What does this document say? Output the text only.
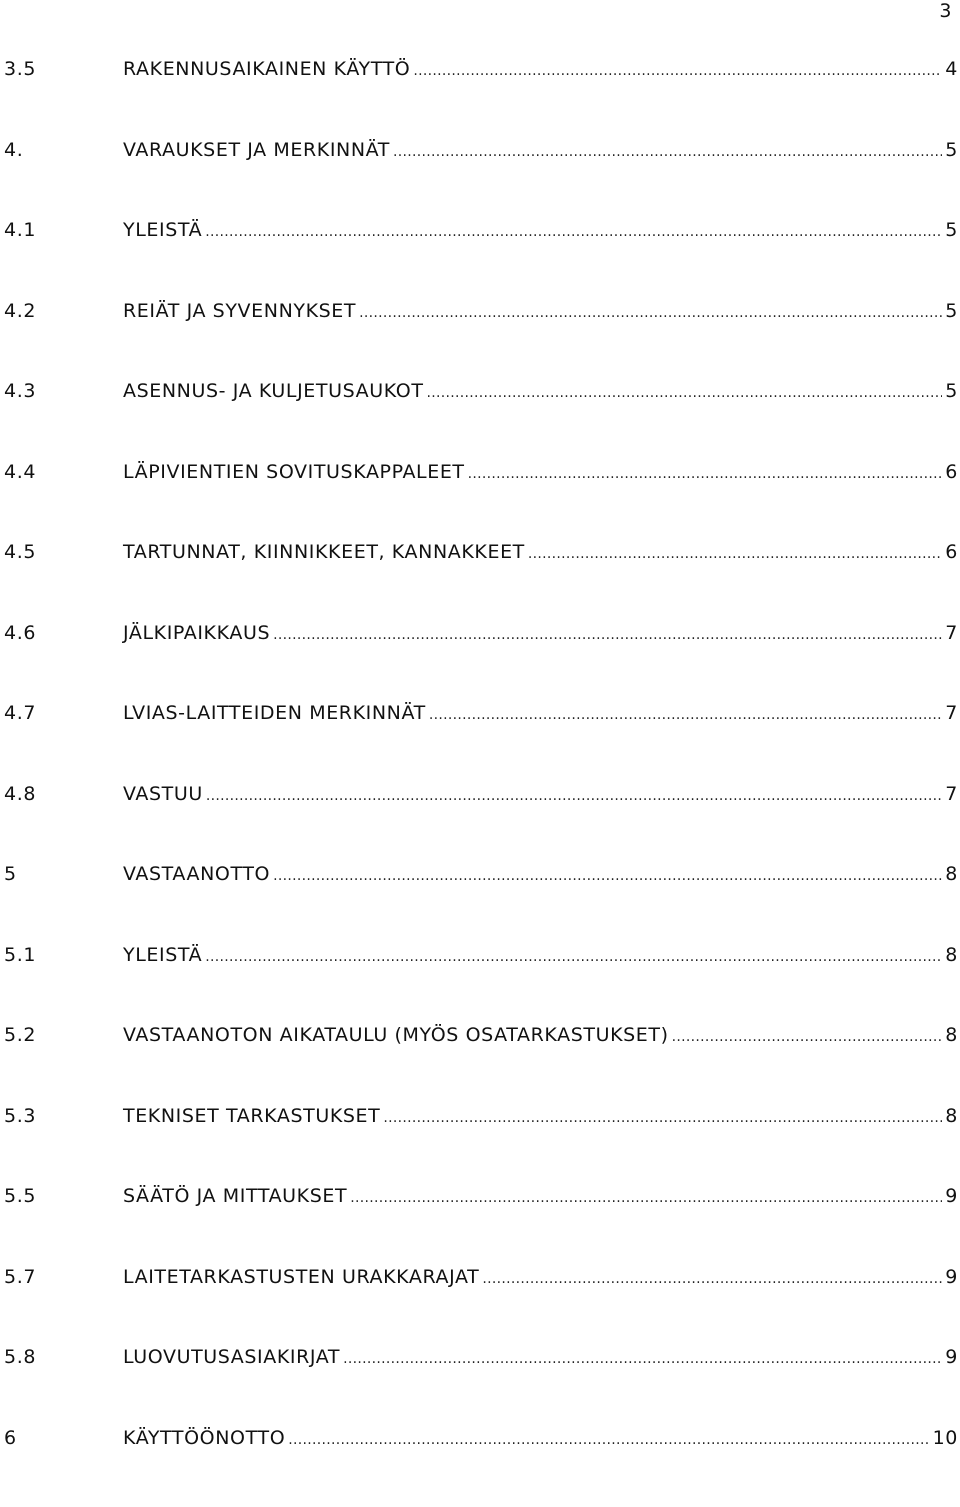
3
3.5	RAKENNUSAIKAINEN KÄYTTÖ .....	4
4.	VARAUKSET JA MERKINNÄT .....	5
4.1	YLEISTÄ .....	5
4.2	REIÄT JA SYVENNYKSET .....	5
4.3	ASENNUS- JA KULJETUSAUKOT .....	5
4.4	LÄPIVIENTIEN SOVITUSKAPPALEET .....	6
4.5	TARTUNNAT, KIINNIKKEET, KANNAKKEET .....	6
4.6	JÄLKIPAIKKAUS .....	7
4.7	LVIAS-LAITTEIDEN MERKINNÄT .....	7
4.8	VASTUU .....	7
5	VASTAANOTTO .....	8
5.1	YLEISTÄ .....	8
5.2	VASTAANOTON AIKATAULU (MYÖS OSATARKASTUKSET) .....	8
5.3	TEKNISET TARKASTUKSET .....	8
5.5	SÄÄTÖ JA MITTAUKSET .....	9
5.7	LAITETARKASTUSTEN URAKKARAJAT .....	9
5.8	LUOVUTUSASIAKIRJAT .....	9
6	KÄYTTÖÖNOTTO .....	10
